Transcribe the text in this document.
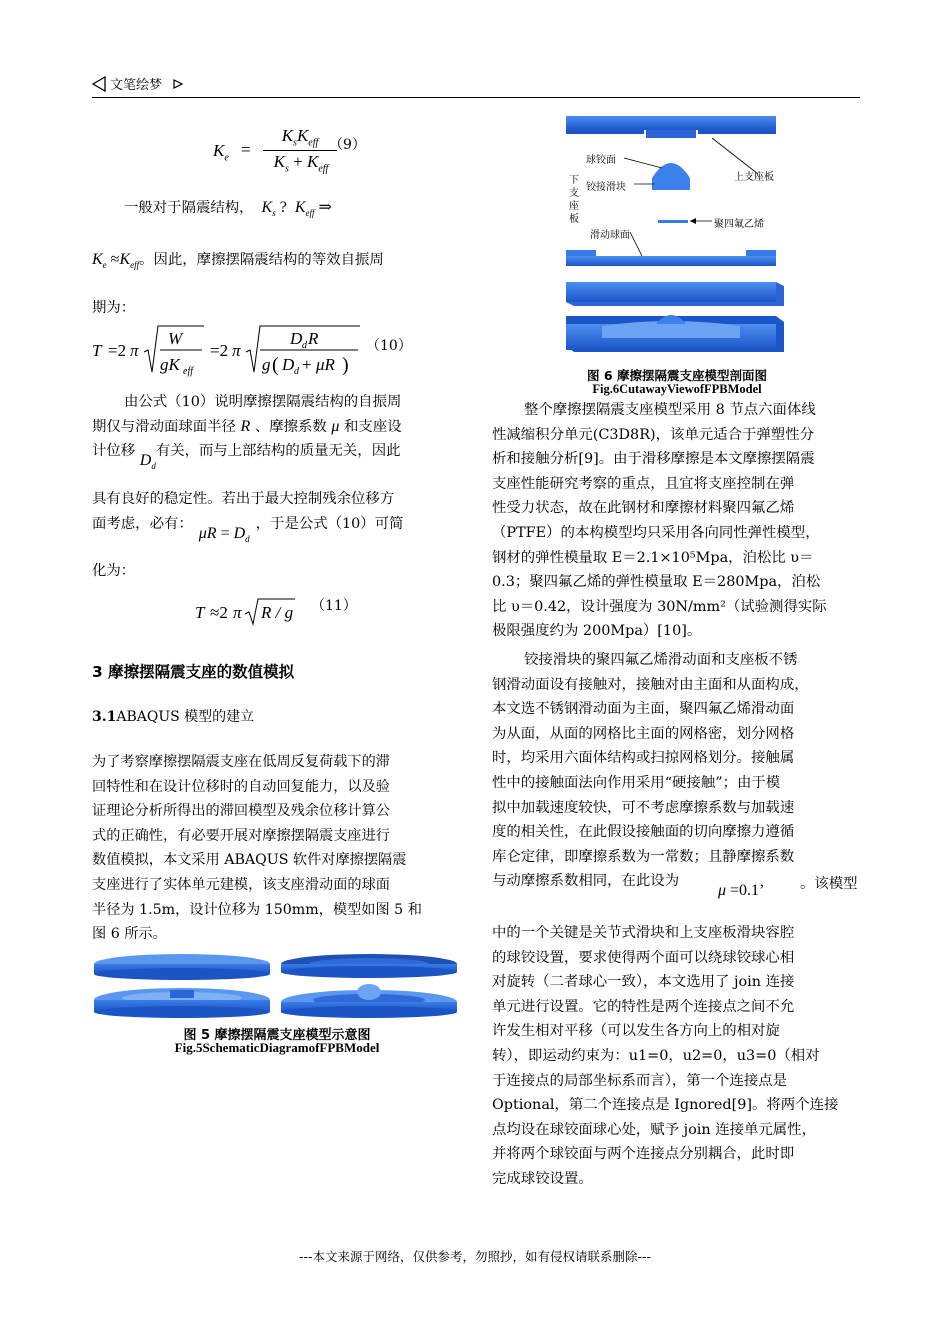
文笔绘梦
$K_e$ =
$K_sK_{eff}$
$K_s + K_{eff}$
（9）

一般对于隔震结构， $K_s$ ?  $K_{eff}$ ⇒

$K_e \approx K_{eff}$。因此，摩擦摆隔震结构的等效自振周

期为：

T =2 π
W
gK eff
=2 π
D d R
g ( D d + μR )
（10）

由公式（10）说明摩擦摆隔震结构的自振周

期仅与滑动面球面半径 R 、摩擦系数 μ 和支座设

计位移 $D_d$有关，而与上部结构的质量无关，因此

具有良好的稳定性。若出于最大控制残余位移方

面考虑，必有：$\mu R = D_d$，于是公式（10）可简

化为：

T ≈2 π R / g （11）
3 摩擦摆隔震支座的数值模拟
3.1ABAQUS 模型的建立

为了考察摩擦摆隔震支座在低周反复荷载下的滞

回特性和在设计位移时的自动回复能力，以及验

证理论分析所得出的滞回模型及残余位移计算公

式的正确性，有必要开展对摩擦摆隔震支座进行

数值模拟，本文采用 ABAQUS 软件对摩擦摆隔震

支座进行了实体单元建模，该支座滑动面的球面

半径为 1.5m，设计位移为 150mm，模型如图 5 和

图 6 所示。

图 5 摩擦摆隔震支座模型示意图
Fig.5SchematicDiagramofFPBModel
球铰面
铰接滑块
上支座板
下支座板	聚四氟乙烯
滑动球面
图 6 摩擦摆隔震支座模型剖面图
Fig.6CutawayViewofFPBModel

整个摩擦摆隔震支座模型采用 8 节点六面体线

性减缩积分单元(C3D8R)，该单元适合于弹塑性分

析和接触分析[9]。由于滑移摩擦是本文摩擦摆隔震

支座性能研究考察的重点，且宜将支座控制在弹

性受力状态，故在此钢材和摩擦材料聚四氟乙烯

（PTFE）的本构模型均只采用各向同性弹性模型，

钢材的弹性模量取 E＝2.1×10⁵Mpa，泊松比 υ＝

0.3；聚四氟乙烯的弹性模量取 E＝280Mpa，泊松

比 υ＝0.42，设计强度为 30N/mm²（试验测得实际

极限强度约为 200Mpa）[10]。

铰接滑块的聚四氟乙烯滑动面和支座板不锈

钢滑动面设有接触对，接触对由主面和从面构成，

本文选不锈钢滑动面为主面，聚四氟乙烯滑动面

为从面，从面的网格比主面的网格密，划分网格

时，均采用六面体结构或扫掠网格划分。接触属

性中的接触面法向作用采用“硬接触”；由于模

拟中加载速度较快，可不考虑摩擦系数与加载速

度的相关性，在此假设接触面的切向摩擦力遵循

库仑定律，即摩擦系数为一常数；且静摩擦系数

与动摩擦系数相同，在此设为

μ =0.1’ 。该模型

中的一个关键是关节式滑块和上支座板滑块容腔

的球铰设置，要求使得两个面可以绕球铰球心相

对旋转（二者球心一致），本文选用了 join 连接

单元进行设置。它的特性是两个连接点之间不允

许发生相对平移（可以发生各方向上的相对旋

转），即运动约束为：u1=0，u2=0，u3=0（相对

于连接点的局部坐标系而言），第一个连接点是

Optional，第二个连接点是 Ignored[9]。将两个连接

点均设在球铰面球心处，赋予 join 连接单元属性，

并将两个球铰面与两个连接点分别耦合，此时即

完成球铰设置。

---本文来源于网络，仅供参考，勿照抄，如有侵权请联系删除---
